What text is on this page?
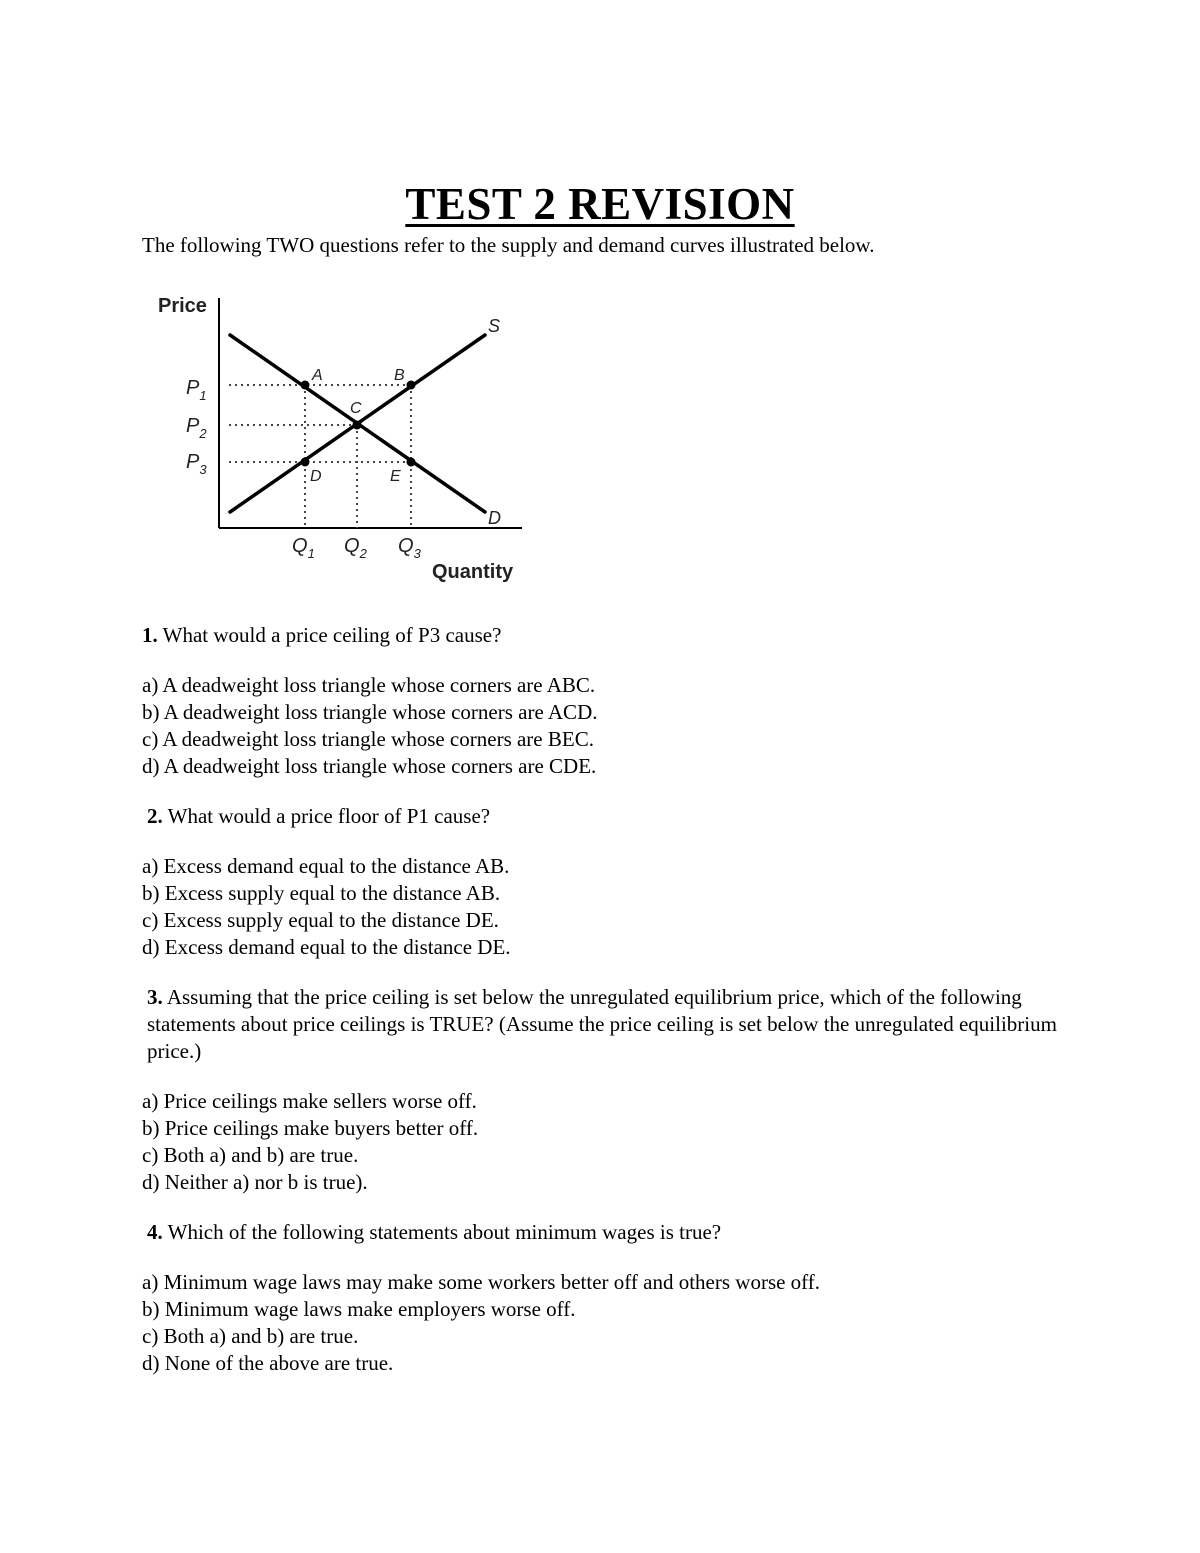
TEST 2 REVISION
The following TWO questions refer to the supply and demand curves illustrated below.
Price
Quantity
$P_1$
$P_2$
$P_3$
$Q_1$ $Q_2$ $Q_3$
A	B
C
D	E
S
D
1. What would a price ceiling of P3 cause?
a) A deadweight loss triangle whose corners are ABC.
b) A deadweight loss triangle whose corners are ACD.
c) A deadweight loss triangle whose corners are BEC.
d) A deadweight loss triangle whose corners are CDE.
2. What would a price floor of P1 cause?
a) Excess demand equal to the distance AB.
b) Excess supply equal to the distance AB.
c) Excess supply equal to the distance DE.
d) Excess demand equal to the distance DE.
3. Assuming that the price ceiling is set below the unregulated equilibrium price, which of the following statements about price ceilings is TRUE? (Assume the price ceiling is set below the unregulated equilibrium price.)
a) Price ceilings make sellers worse off.
b) Price ceilings make buyers better off.
c) Both a) and b) are true.
d) Neither a) nor b is true).
4. Which of the following statements about minimum wages is true?
a) Minimum wage laws may make some workers better off and others worse off.
b) Minimum wage laws make employers worse off.
c) Both a) and b) are true.
d) None of the above are true.
